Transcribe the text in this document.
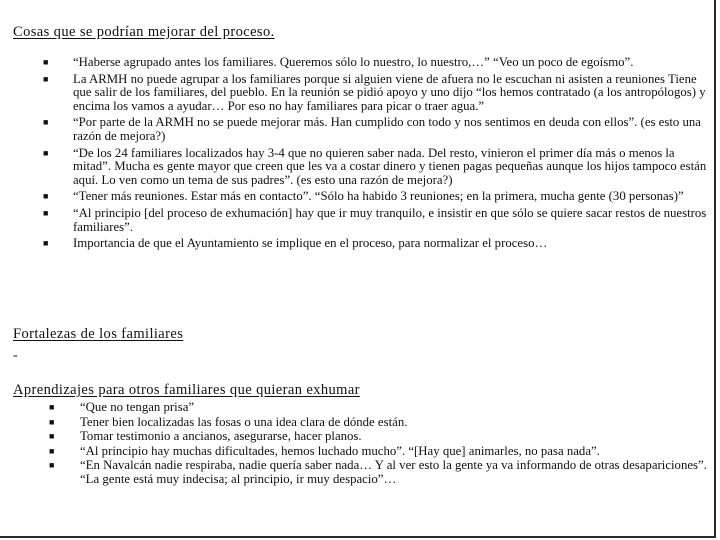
Cosas que se podrían mejorar del proceso.
■ “Haberse agrupado antes los familiares. Queremos sólo lo nuestro, lo nuestro,…” “Veo un poco de egoísmo”.
■ La ARMH no puede agrupar a los familiares porque si alguien viene de afuera no le escuchan ni asisten a reuniones Tiene que salir de los familiares, del pueblo. En la reunión se pidió apoyo y uno dijo “los hemos contratado (a los antropólogos) y encima los vamos a ayudar… Por eso no hay familiares para picar o traer agua.”
■ “Por parte de la ARMH no se puede mejorar más. Han cumplido con todo y nos sentimos en deuda con ellos”. (es esto una razón de mejora?)
■ “De los 24 familiares localizados hay 3-4 que no quieren saber nada. Del resto, vinieron el primer día más o menos la mitad”. Mucha es gente mayor que creen que les va a costar dinero y tienen pagas pequeñas aunque los hijos tampoco están aquí. Lo ven como un tema de sus padres”. (es esto una razón de mejora?)
■ “Tener más reuniones. Estar más en contacto”. “Sólo ha habido 3 reuniones; en la primera, mucha gente (30 personas)”
■ “Al principio [del proceso de exhumación] hay que ir muy tranquilo, e insistir en que sólo se quiere sacar restos de nuestros familiares”.
■ Importancia de que el Ayuntamiento se implique en el proceso, para normalizar el proceso…
Fortalezas de los familiares
-
Aprendizajes para otros familiares que quieran exhumar
■ “Que no tengan prisa”
■ Tener bien localizadas las fosas o una idea clara de dónde están.
■ Tomar testimonio a ancianos, asegurarse, hacer planos.
■ “Al principio hay muchas dificultades, hemos luchado mucho”. “[Hay que] animarles, no pasa nada”.
■ “En Navalcán nadie respiraba, nadie quería saber nada… Y al ver esto la gente ya va informando de otras desapariciones”. “La gente está muy indecisa; al principio, ir muy despacio”…
